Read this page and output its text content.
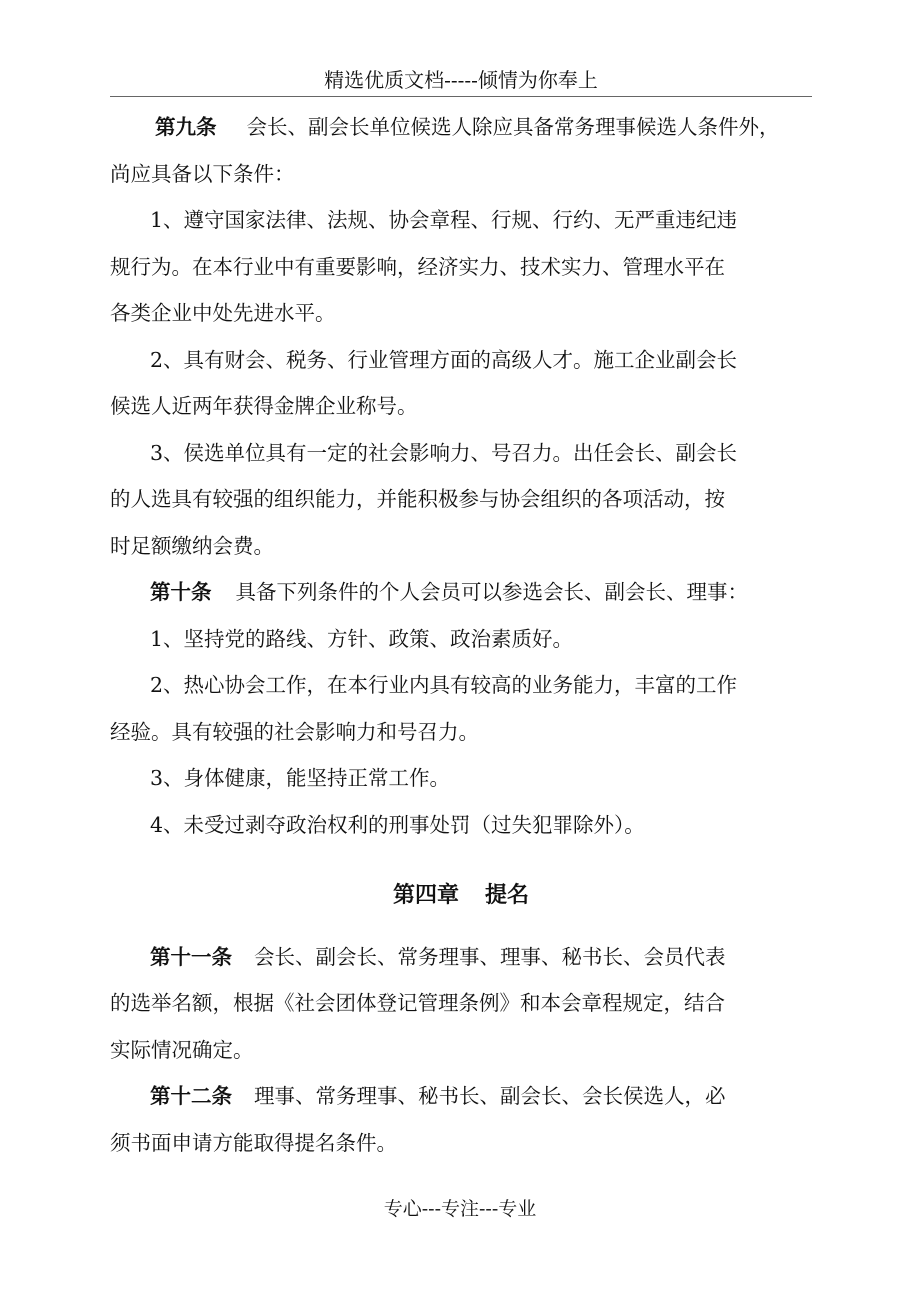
精选优质文档-----倾情为你奉上
第九条 会长、副会长单位候选人除应具备常务理事候选人条件外，
尚应具备以下条件：
1、遵守国家法律、法规、协会章程、行规、行约、无严重违纪违
规行为。在本行业中有重要影响，经济实力、技术实力、管理水平在
各类企业中处先进水平。
2、具有财会、税务、行业管理方面的高级人才。施工企业副会长
候选人近两年获得金牌企业称号。
3、侯选单位具有一定的社会影响力、号召力。出任会长、副会长
的人选具有较强的组织能力，并能积极参与协会组织的各项活动，按
时足额缴纳会费。
第十条 具备下列条件的个人会员可以参选会长、副会长、理事：
1、坚持党的路线、方针、政策、政治素质好。
2、热心协会工作，在本行业内具有较高的业务能力，丰富的工作
经验。具有较强的社会影响力和号召力。
3、身体健康，能坚持正常工作。
4、未受过剥夺政治权利的刑事处罚（过失犯罪除外）。
第四章 提名
第十一条 会长、副会长、常务理事、理事、秘书长、会员代表
的选举名额，根据《社会团体登记管理条例》和本会章程规定，结合
实际情况确定。
第十二条 理事、常务理事、秘书长、副会长、会长侯选人，必
须书面申请方能取得提名条件。
专心---专注---专业
